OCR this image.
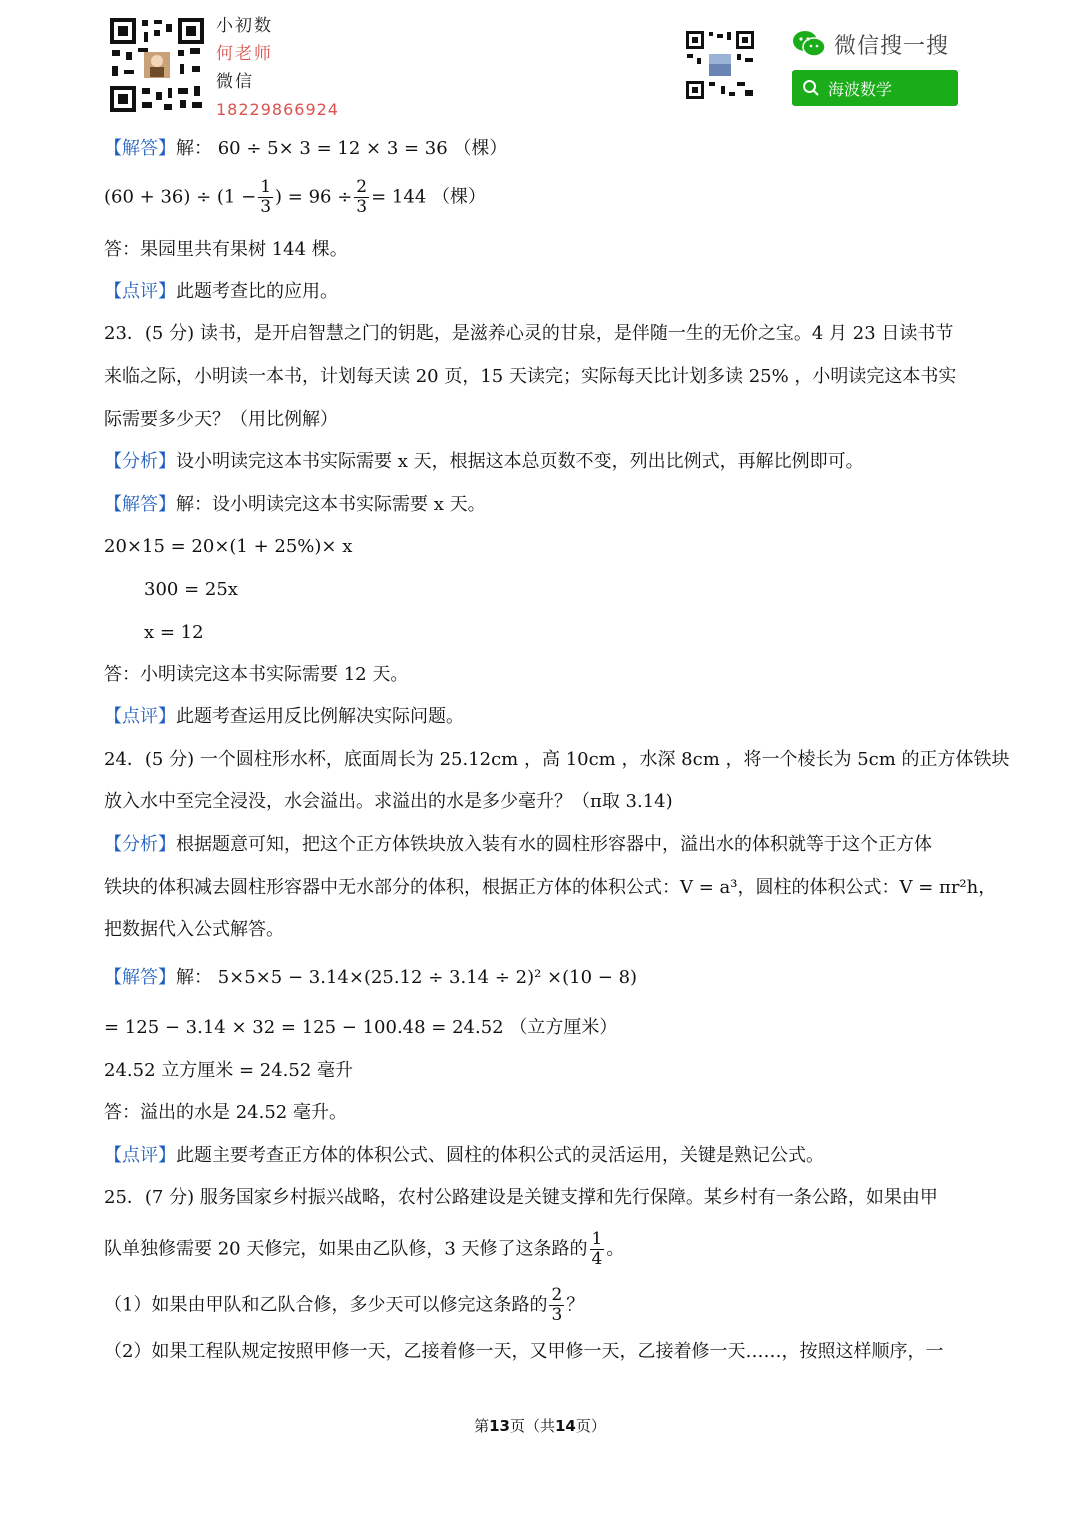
小初数
何老师
微信
18229866924
微信搜一搜
海波数学
【解答】解： 60 ÷ 5× 3 = 12 × 3 = 36 （棵）
$(60 + 36) \div (1 - \frac{1}{3}$ ) = $96 \div \frac{2}{3} = 144$ （棵）
答：果园里共有果树 144 棵。
【点评】此题考查比的应用。
23．(5 分) 读书，是开启智慧之门的钥匙，是滋养心灵的甘泉，是伴随一生的无价之宝。4 月 23 日读书节
来临之际，小明读一本书，计划每天读 20 页，15 天读完；实际每天比计划多读 25% ，小明读完这本书实
际需要多少天？（用比例解）
【分析】设小明读完这本书实际需要 x 天，根据这本总页数不变，列出比例式，再解比例即可。
【解答】解：设小明读完这本书实际需要 x 天。
20×15 = 20×(1 + 25%)× x
300 = 25x
x = 12
答：小明读完这本书实际需要 12 天。
【点评】此题考查运用反比例解决实际问题。
24．(5 分) 一个圆柱形水杯，底面周长为 25.12cm ，高 10cm ，水深 8cm ，将一个棱长为 5cm 的正方体铁块
放入水中至完全浸没，水会溢出。求溢出的水是多少毫升？（π取 3.14)
【分析】根据题意可知，把这个正方体铁块放入装有水的圆柱形容器中，溢出水的体积就等于这个正方体
铁块的体积减去圆柱形容器中无水部分的体积，根据正方体的体积公式：V = a³，圆柱的体积公式：V = πr²h，
把数据代入公式解答。
【解答】解： 5×5×5 − 3.14×(25.12 ÷ 3.14 ÷ 2)² ×(10 − 8)
= 125 − 3.14 × 32 = 125 − 100.48 = 24.52 （立方厘米）
24.52 立方厘米 = 24.52 毫升
答：溢出的水是 24.52 毫升。
【点评】此题主要考查正方体的体积公式、圆柱的体积公式的灵活运用，关键是熟记公式。
25．(7 分) 服务国家乡村振兴战略，农村公路建设是关键支撑和先行保障。某乡村有一条公路，如果由甲
队单独修需要 20 天修完，如果由乙队修，3 天修了这条路的 $\frac{1}{4}$ 。
（1）如果由甲队和乙队合修，多少天可以修完这条路的 $\frac{2}{3}$ ？
（2）如果工程队规定按照甲修一天，乙接着修一天，又甲修一天，乙接着修一天……，按照这样顺序，一
第13页（共14页）
